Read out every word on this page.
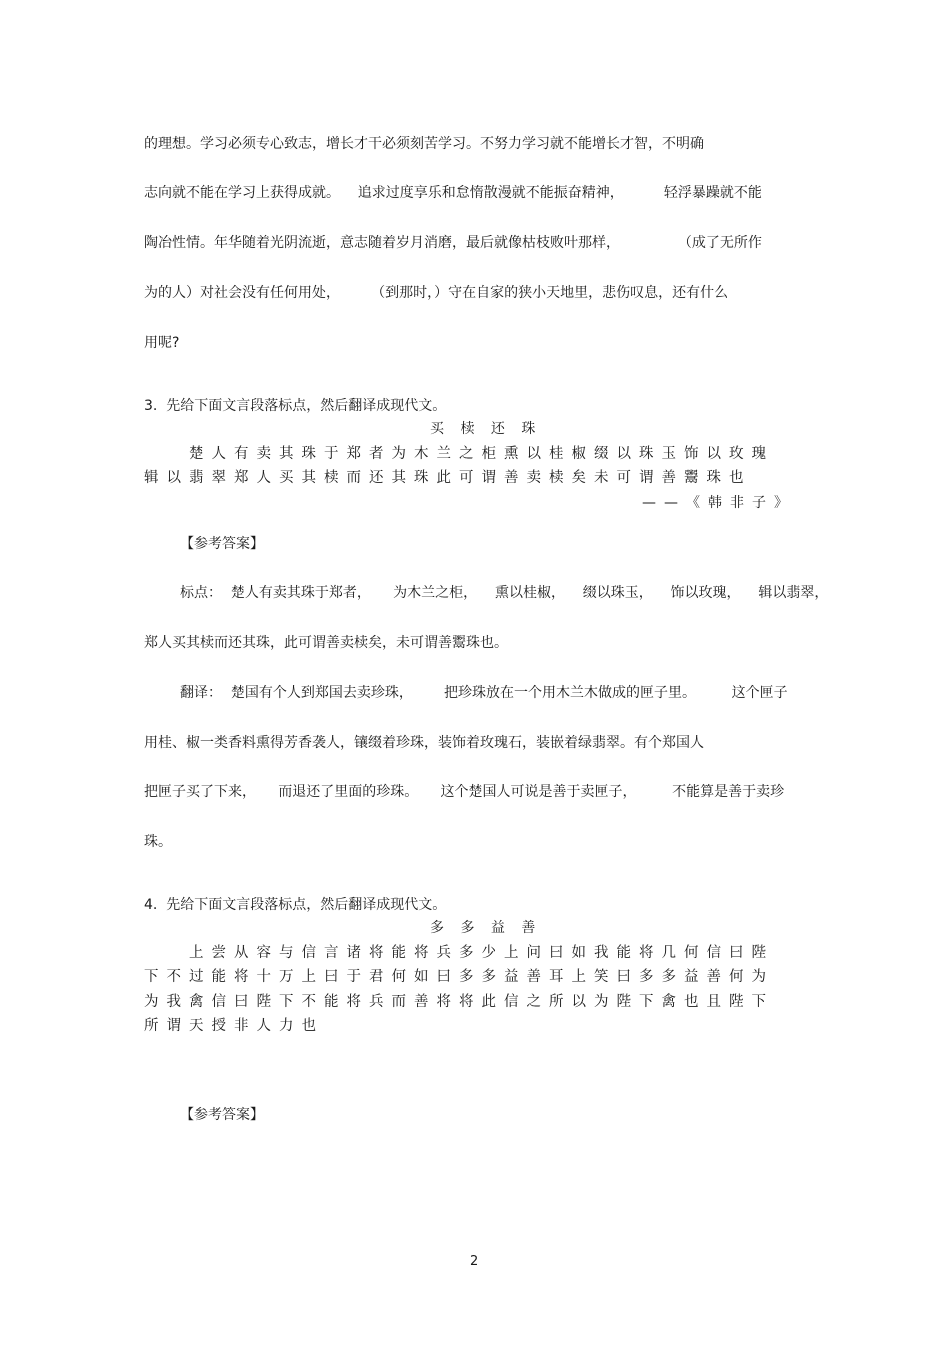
的理想。学习必须专心致志，增长才干必须刻苦学习。不努力学习就不能增长才智，不明确

志向就不能在学习上获得成就。    追求过度享乐和怠惰散漫就不能振奋精神，         轻浮暴躁就不能

陶冶性情。年华随着光阴流逝，意志随着岁月消磨，最后就像枯枝败叶那样，             （成了无所作

为的人）对社会没有任何用处，       （到那时，）守在自家的狭小天地里，悲伤叹息，还有什么

用呢?

3.  先给下面文言段落标点，然后翻译成现代文。

买 椟 还 珠

楚人有卖其珠于郑者为木兰之柜熏以桂椒缀以珠玉饰以玫瑰

辑以翡翠郑人买其椟而还其珠此可谓善卖椟矣未可谓善鬻珠也

——《韩非子》

【参考答案】

标点：  楚人有卖其珠于郑者，     为木兰之柜，    熏以桂椒，    缀以珠玉，    饰以玫瑰，    辑以翡翠，

郑人买其椟而还其珠，此可谓善卖椟矣，未可谓善鬻珠也。

翻译：  楚国有个人到郑国去卖珍珠，       把珍珠放在一个用木兰木做成的匣子里。        这个匣子

用桂、椒一类香料熏得芳香袭人，镶缀着珍珠，装饰着玫瑰石，装嵌着绿翡翠。有个郑国人

把匣子买了下来，     而退还了里面的珍珠。     这个楚国人可说是善于卖匣子，        不能算是善于卖珍

珠。

4.  先给下面文言段落标点，然后翻译成现代文。

多 多 益 善

上尝从容与信言诸将能将兵多少上问曰如我能将几何信曰陛

下不过能将十万上曰于君何如曰多多益善耳上笑曰多多益善何为

为我禽信曰陛下不能将兵而善将将此信之所以为陛下禽也且陛下

所谓天授非人力也

【参考答案】

2
